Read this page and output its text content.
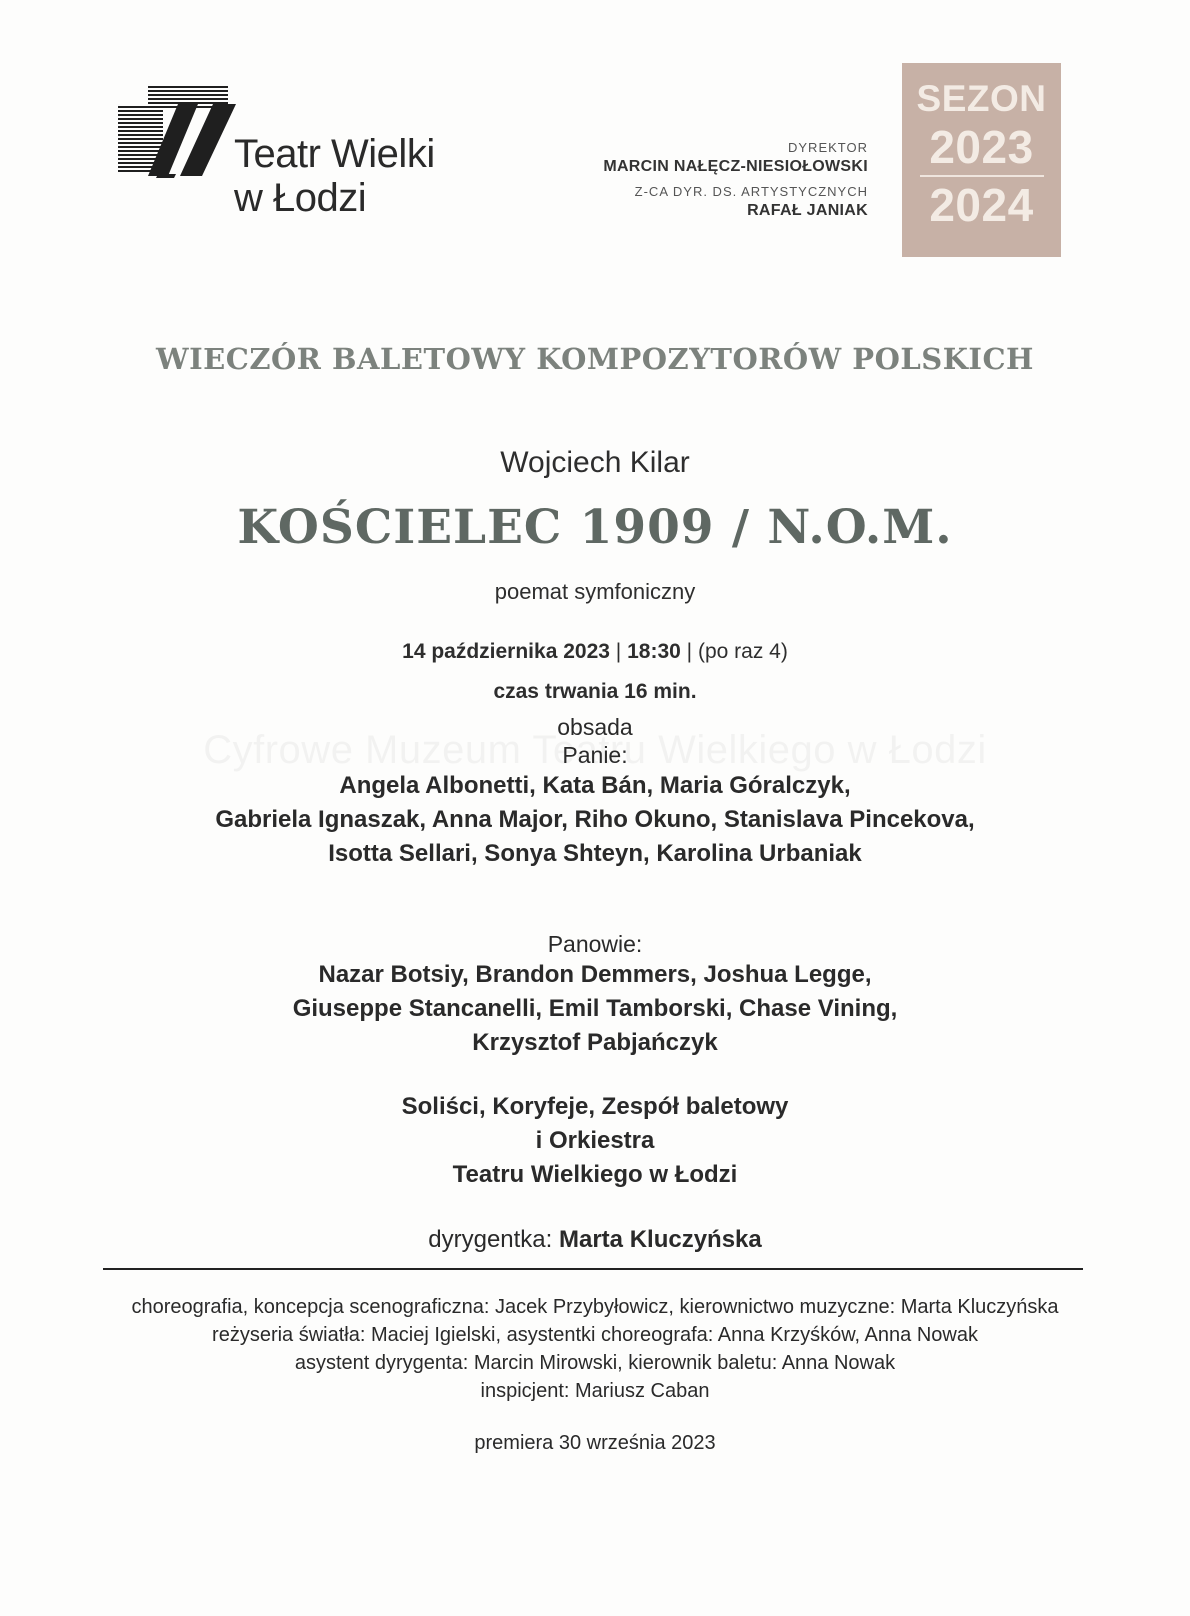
Teatr Wielki
w Łodzi
DYREKTOR
MARCIN NAŁĘCZ-NIESIOŁOWSKI
Z-CA DYR. DS. ARTYSTYCZNYCH
RAFAŁ JANIAK
SEZON
2023
2024
WIECZÓR BALETOWY KOMPOZYTORÓW POLSKICH
Wojciech Kilar
KOŚCIELEC 1909 / N.O.M.
poemat symfoniczny
14 października 2023 | 18:30 | (po raz 4)
czas trwania 16 min.
obsada
Panie:
Angela Albonetti, Kata Bán, Maria Góralczyk,
Gabriela Ignaszak, Anna Major, Riho Okuno, Stanislava Pincekova,
Isotta Sellari, Sonya Shteyn, Karolina Urbaniak
Panowie:
Nazar Botsiy, Brandon Demmers, Joshua Legge,
Giuseppe Stancanelli, Emil Tamborski, Chase Vining,
Krzysztof Pabjańczyk
Soliści, Koryfeje, Zespół baletowy
i Orkiestra
Teatru Wielkiego w Łodzi
dyrygentka: Marta Kluczyńska
choreografia, koncepcja scenograficzna: Jacek Przybyłowicz, kierownictwo muzyczne: Marta Kluczyńska
reżyseria światła: Maciej Igielski, asystentki choreografa: Anna Krzyśków, Anna Nowak
asystent dyrygenta: Marcin Mirowski, kierownik baletu: Anna Nowak
inspicjent: Mariusz Caban
premiera 30 września 2023
